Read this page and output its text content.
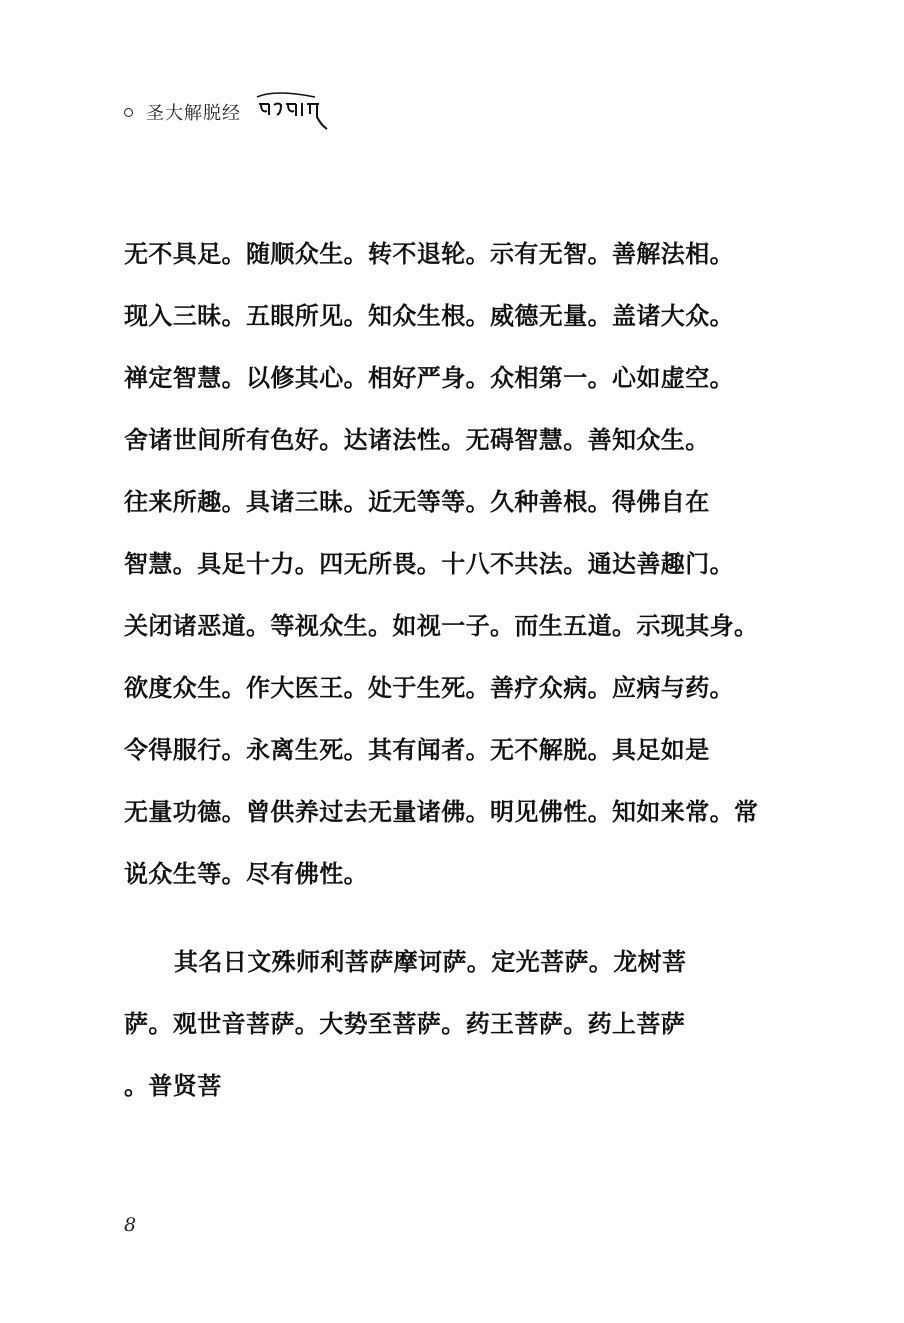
圣大解脱经
无不具足。随顺众生。转不退轮。示有无智。善解法相。
现入三昧。五眼所见。知众生根。威德无量。盖诸大众。
禅定智慧。以修其心。相好严身。众相第一。心如虚空。
舍诸世间所有色好。达诸法性。无碍智慧。善知众生。
往来所趣。具诸三昧。近无等等。久种善根。得佛自在
智慧。具足十力。四无所畏。十八不共法。通达善趣门。
关闭诸恶道。等视众生。如视一子。而生五道。示现其身。
欲度众生。作大医王。处于生死。善疗众病。应病与药。
令得服行。永离生死。其有闻者。无不解脱。具足如是
无量功德。曾供养过去无量诸佛。明见佛性。知如来常。常
说众生等。尽有佛性。
其名日文殊师利菩萨摩诃萨。定光菩萨。龙树菩
萨。观世音菩萨。大势至菩萨。药王菩萨。药上菩萨
。普贤菩
8
